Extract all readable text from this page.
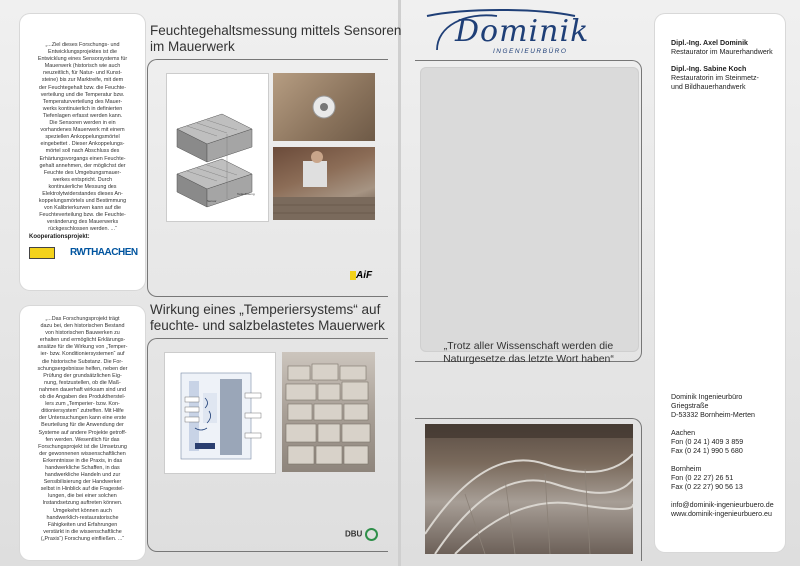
„...Ziel dieses Forschungs- und
Entwicklungsprojektes ist die
Entwicklung eines Sensorsystems für
Mauerwerk (historisch wie auch
neuzeitlich, für Natur- und Kunst-
steine) bis zur Marktreife, mit dem
der Feuchtegehalt bzw. die Feuchte-
verteilung und die Temperatur bzw.
Temperaturverteilung des Mauer-
werks kontinuierlich in definierten
Tiefenlagen erfasst werden kann.
Die Sensoren werden in ein
vorhandenes Mauerwerk mit einem
speziellen Ankoppelungsmörtel
eingebettet . Dieser Ankoppelungs-
mörtel soll nach Abschluss des
Erhärtungsvorgangs einen Feuchte-
gehalt annehmen, der möglichst der
Feuchte des Umgebungsmauer-
werkes entspricht. Durch
kontinuierliche Messung des
Elektrolytwiderstandes dieses An-
koppelungsmörtels und Bestimmung
von Kalibrierkurven kann auf die
Feuchteverteilung bzw. die Feuchte-
veränderung des Mauerwerks
rückgeschlossen werden. ...“
Kooperationsprojekt:
RWTHAACHEN
Feuchtegehaltsmessung mittels Sensoren
im Mauerwerk
Sensor
Teilauflösung
AiF
„...Das Forschungsprojekt trägt
dazu bei, den historischen Bestand
von historischen Bauwerken zu
erhalten und ermöglicht Erklärungs-
ansätze für die Wirkung von „Temper-
ier- bzw. Konditioniersystemen“ auf
die historische Substanz. Die For-
schungsergebnisse helfen, neben der
Prüfung der grundsätzlichen Eig-
nung, festzustellen, ob die Maß-
nahmen dauerhaft wirksam sind und
ob die Angaben des Produktherstel-
lers zum „Temperier- bzw. Kon-
ditioniersystem“ zutreffen. Mit Hilfe
der Untersuchungen kann eine erste
Beurteilung für die Anwendung der
Systeme auf andere Projekte getroff-
fen werden. Wesentlich für das
Forschungsprojekt ist die Umsetzung
der gewonnenen wissenschaftlichen
Erkenntnisse in die Praxis, in das
handwerkliche Schaffen, in das
handwerkliche Handeln und zur
Sensibilisierung der Handwerker
selbst in Hinblick auf die Fragestel-
lungen, die bei einer solchen
Instandsetzung auftreten können.
Umgekehrt können auch
handwerklich-restauratorische
Fähigkeiten und Erfahrungen
verstärkt in die wissenschaftliche
(„Praxis“) Forschung einfließen. ...“
Wirkung eines „Temperiersystems“ auf
feuchte- und salzbelastetes Mauerwerk
DBU
Dominik
INGENIEURBÜRO
„Trotz aller Wissenschaft werden die
Naturgesetze das letzte Wort haben“
Dipl.-Ing. Axel Dominik
Restaurator im Maurerhandwerk
Dipl.-Ing. Sabine Koch
Restauratorin im Steinmetz-
und Bildhauerhandwerk
Dominik Ingenieurbüro
Griegstraße
D-53332 Bornheim-Merten
Aachen
Fon (0 24 1) 409 3 859
Fax (0 24 1) 990 5 680
Bornheim
Fon (0 22 27) 26 51
Fax (0 22 27) 90 56 13
info@dominik-ingenieurbuero.de
www.dominik-ingenieurbuero.eu
